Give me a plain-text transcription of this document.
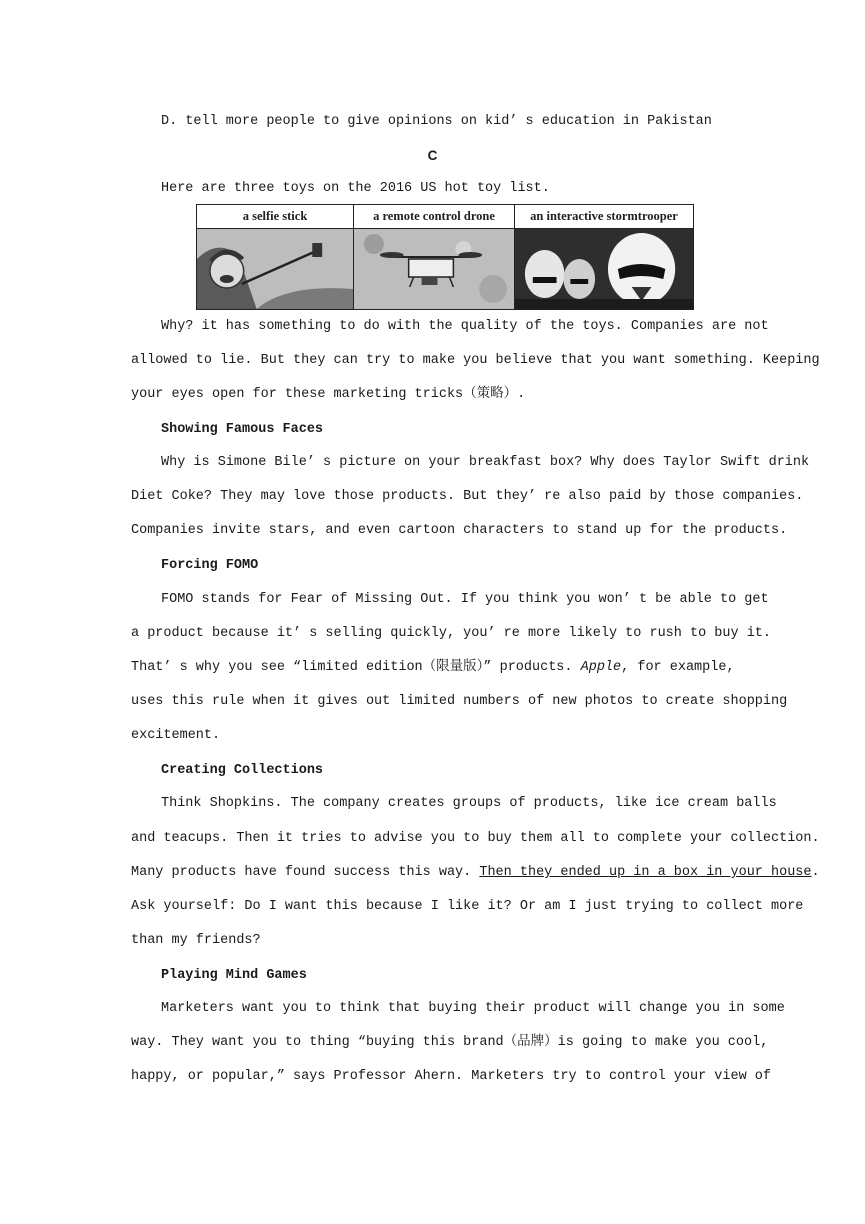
D. tell more people to give opinions on kid’ s education in Pakistan
C
Here are three toys on the 2016 US hot toy list.
a selfie stick	a remote control drone	an interactive stormtrooper
Why? it has something to do with the quality of the toys. Companies are not
allowed to lie. But they can try to make you believe that you want something. Keeping
your eyes open for these marketing tricks（策略）.
Showing Famous Faces
Why is Simone Bile’ s picture on your breakfast box? Why does Taylor Swift drink
Diet Coke? They may love those products. But they’ re also paid by those companies.
Companies invite stars, and even cartoon characters to stand up for the products.
Forcing FOMO
FOMO stands for Fear of Missing Out. If you think you won’ t be able to get
a product because it’ s selling quickly, you’ re more likely to rush to buy it.
That’ s why you see “limited edition（限量版）” products. Apple, for example,
uses this rule when it gives out limited numbers of new photos to create shopping
excitement.
Creating Collections
Think Shopkins. The company creates groups of products, like ice cream balls
and teacups. Then it tries to advise you to buy them all to complete your collection.
Many products have found success this way. Then they ended up in a box in your house.
Ask yourself: Do I want this because I like it? Or am I just trying to collect more
than my friends?
Playing Mind Games
Marketers want you to think that buying their product will change you in some
way. They want you to thing “buying this brand（品牌）is going to make you cool,
happy, or popular,” says Professor Ahern. Marketers try to control your view of
